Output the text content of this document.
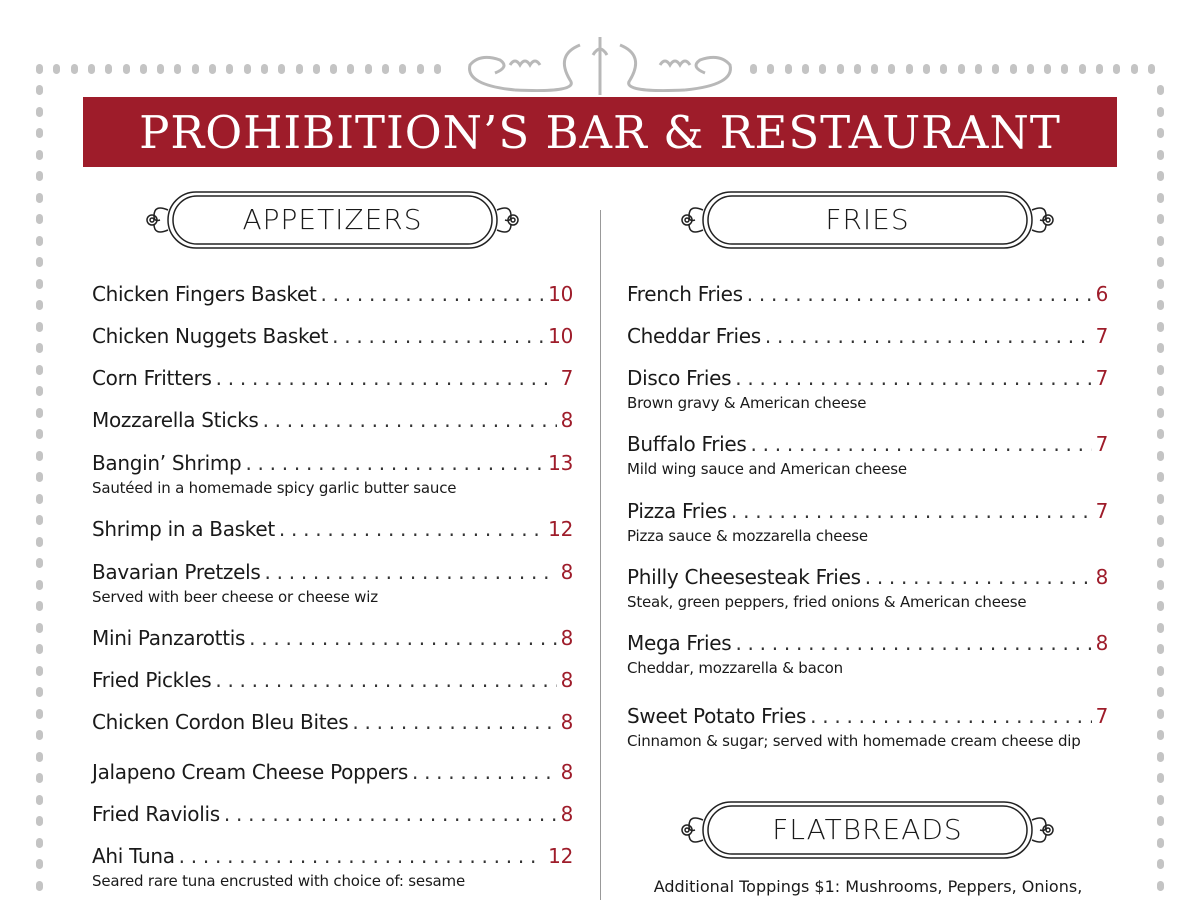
PROHIBITION’S BAR & RESTAURANT
APPETIZERS	FRIES
FLATBREADS
Chicken Fingers Basket . . .	10
Chicken Nuggets Basket . . .	10
Corn Fritters . . .	7
Mozzarella Sticks . . .	8
Bangin’ Shrimp . . .	13
Sautéed in a homemade spicy garlic butter sauce
Shrimp in a Basket . . .	12
Bavarian Pretzels . . .	8
Served with beer cheese or cheese wiz
Mini Panzarottis . . .	8
Fried Pickles . . .	8
Chicken Cordon Bleu Bites . . .	8
Jalapeno Cream Cheese Poppers . . .	8
Fried Raviolis . . .	8
Ahi Tuna . . .	12
Seared rare tuna encrusted with choice of: sesame
French Fries . . .	6
Cheddar Fries . . .	7
Disco Fries . . .	7
Brown gravy & American cheese
Buffalo Fries . . .	7
Mild wing sauce and American cheese
Pizza Fries . . .	7
Pizza sauce & mozzarella cheese
Philly Cheesesteak Fries . . .	8
Steak, green peppers, fried onions & American cheese
Mega Fries . . .	8
Cheddar, mozzarella & bacon
Sweet Potato Fries . . .	7
Cinnamon & sugar; served with homemade cream cheese dip
Additional Toppings $1: Mushrooms, Peppers, Onions,
